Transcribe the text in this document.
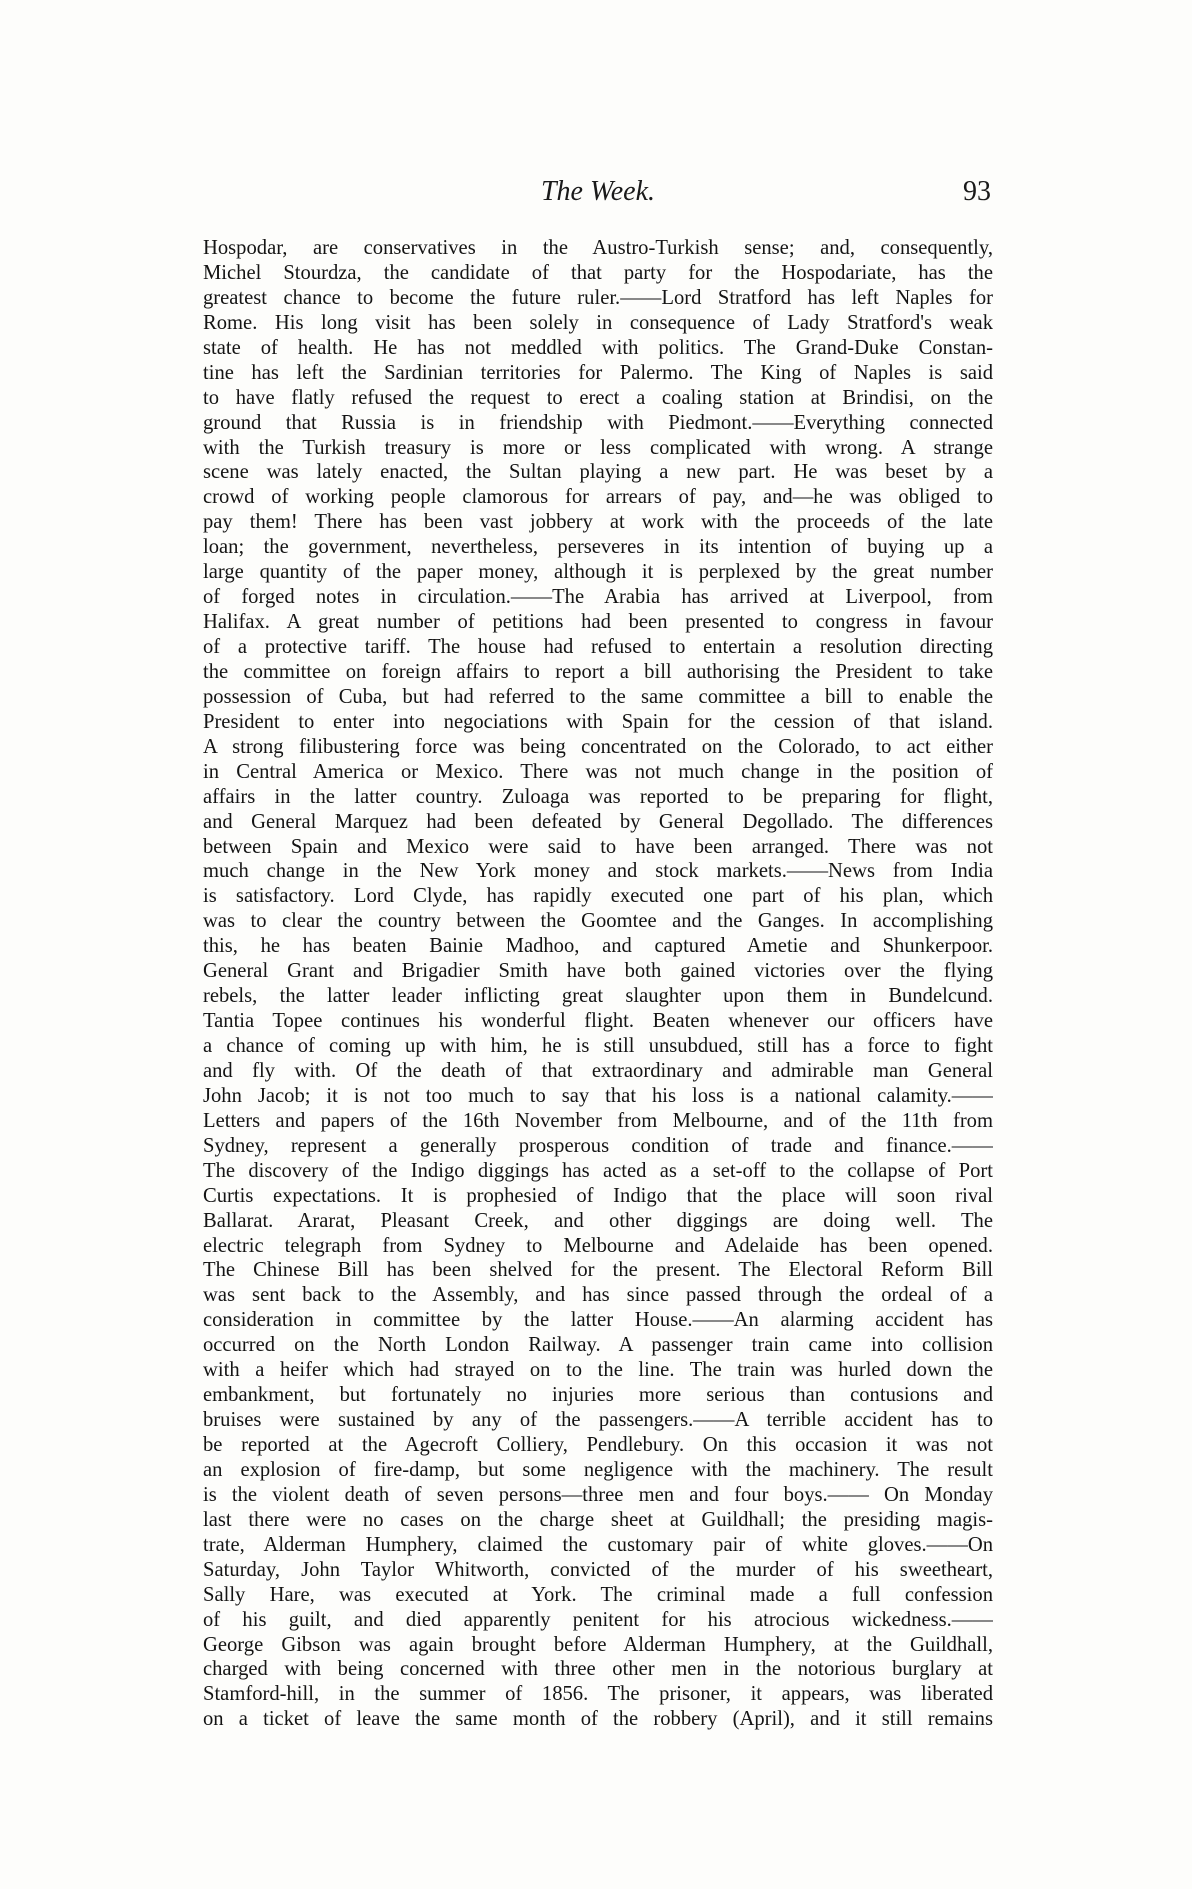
The Week.	93
Hospodar, are conservatives in the Austro-Turkish sense; and, consequently,
Michel Stourdza, the candidate of that party for the Hospodariate, has the
greatest chance to become the future ruler.——Lord Stratford has left Naples for
Rome. His long visit has been solely in consequence of Lady Stratford's weak
state of health. He has not meddled with politics. The Grand-Duke Constan-
tine has left the Sardinian territories for Palermo. The King of Naples is said
to have flatly refused the request to erect a coaling station at Brindisi, on the
ground that Russia is in friendship with Piedmont.——Everything connected
with the Turkish treasury is more or less complicated with wrong. A strange
scene was lately enacted, the Sultan playing a new part. He was beset by a
crowd of working people clamorous for arrears of pay, and—he was obliged to
pay them! There has been vast jobbery at work with the proceeds of the late
loan; the government, nevertheless, perseveres in its intention of buying up a
large quantity of the paper money, although it is perplexed by the great number
of forged notes in circulation.——The Arabia has arrived at Liverpool, from
Halifax. A great number of petitions had been presented to congress in favour
of a protective tariff. The house had refused to entertain a resolution directing
the committee on foreign affairs to report a bill authorising the President to take
possession of Cuba, but had referred to the same committee a bill to enable the
President to enter into negociations with Spain for the cession of that island.
A strong filibustering force was being concentrated on the Colorado, to act either
in Central America or Mexico. There was not much change in the position of
affairs in the latter country. Zuloaga was reported to be preparing for flight,
and General Marquez had been defeated by General Degollado. The differences
between Spain and Mexico were said to have been arranged. There was not
much change in the New York money and stock markets.——News from India
is satisfactory. Lord Clyde, has rapidly executed one part of his plan, which
was to clear the country between the Goomtee and the Ganges. In accomplishing
this, he has beaten Bainie Madhoo, and captured Ametie and Shunkerpoor.
General Grant and Brigadier Smith have both gained victories over the flying
rebels, the latter leader inflicting great slaughter upon them in Bundelcund.
Tantia Topee continues his wonderful flight. Beaten whenever our officers have
a chance of coming up with him, he is still unsubdued, still has a force to fight
and fly with. Of the death of that extraordinary and admirable man General
John Jacob; it is not too much to say that his loss is a national calamity.——
Letters and papers of the 16th November from Melbourne, and of the 11th from
Sydney, represent a generally prosperous condition of trade and finance.——
The discovery of the Indigo diggings has acted as a set-off to the collapse of Port
Curtis expectations. It is prophesied of Indigo that the place will soon rival
Ballarat. Ararat, Pleasant Creek, and other diggings are doing well. The
electric telegraph from Sydney to Melbourne and Adelaide has been opened.
The Chinese Bill has been shelved for the present. The Electoral Reform Bill
was sent back to the Assembly, and has since passed through the ordeal of a
consideration in committee by the latter House.——An alarming accident has
occurred on the North London Railway. A passenger train came into collision
with a heifer which had strayed on to the line. The train was hurled down the
embankment, but fortunately no injuries more serious than contusions and
bruises were sustained by any of the passengers.——A terrible accident has to
be reported at the Agecroft Colliery, Pendlebury. On this occasion it was not
an explosion of fire-damp, but some negligence with the machinery. The result
is the violent death of seven persons—three men and four boys.—— On Monday
last there were no cases on the charge sheet at Guildhall; the presiding magis-
trate, Alderman Humphery, claimed the customary pair of white gloves.——On
Saturday, John Taylor Whitworth, convicted of the murder of his sweetheart,
Sally Hare, was executed at York. The criminal made a full confession
of his guilt, and died apparently penitent for his atrocious wickedness.——
George Gibson was again brought before Alderman Humphery, at the Guildhall,
charged with being concerned with three other men in the notorious burglary at
Stamford-hill, in the summer of 1856. The prisoner, it appears, was liberated
on a ticket of leave the same month of the robbery (April), and it still remains
